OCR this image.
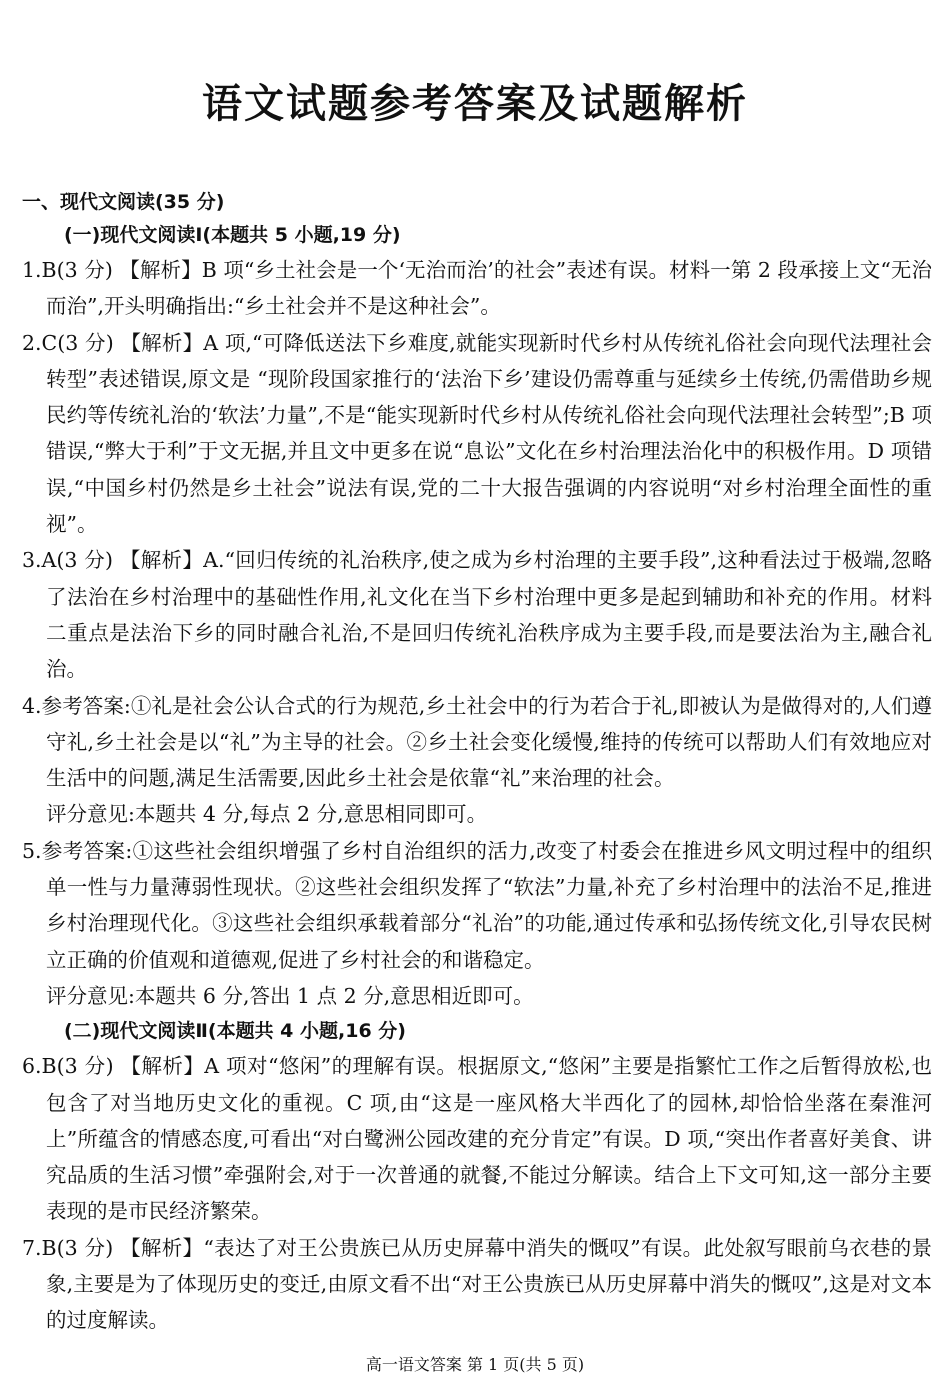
语文试题参考答案及试题解析
一、现代文阅读(35 分)
(一)现代文阅读Ⅰ(本题共 5 小题,19 分)
1.B(3 分) 【解析】B 项“乡土社会是一个‘无治而治’的社会”表述有误。材料一第 2 段承接上文“无治而治”,开头明确指出:“乡土社会并不是这种社会”。
2.C(3 分) 【解析】A 项,“可降低送法下乡难度,就能实现新时代乡村从传统礼俗社会向现代法理社会转型”表述错误,原文是 “现阶段国家推行的‘法治下乡’建设仍需尊重与延续乡土传统,仍需借助乡规民约等传统礼治的‘软法’力量”,不是“能实现新时代乡村从传统礼俗社会向现代法理社会转型”;B 项错误,“弊大于利”于文无据,并且文中更多在说“息讼”文化在乡村治理法治化中的积极作用。D 项错误,“中国乡村仍然是乡土社会”说法有误,党的二十大报告强调的内容说明“对乡村治理全面性的重视”。
3.A(3 分) 【解析】A.“回归传统的礼治秩序,使之成为乡村治理的主要手段”,这种看法过于极端,忽略了法治在乡村治理中的基础性作用,礼文化在当下乡村治理中更多是起到辅助和补充的作用。材料二重点是法治下乡的同时融合礼治,不是回归传统礼治秩序成为主要手段,而是要法治为主,融合礼治。
4.参考答案:①礼是社会公认合式的行为规范,乡土社会中的行为若合于礼,即被认为是做得对的,人们遵守礼,乡土社会是以“礼”为主导的社会。②乡土社会变化缓慢,维持的传统可以帮助人们有效地应对生活中的问题,满足生活需要,因此乡土社会是依靠“礼”来治理的社会。
评分意见:本题共 4 分,每点 2 分,意思相同即可。
5.参考答案:①这些社会组织增强了乡村自治组织的活力,改变了村委会在推进乡风文明过程中的组织单一性与力量薄弱性现状。②这些社会组织发挥了“软法”力量,补充了乡村治理中的法治不足,推进乡村治理现代化。③这些社会组织承载着部分“礼治”的功能,通过传承和弘扬传统文化,引导农民树立正确的价值观和道德观,促进了乡村社会的和谐稳定。
评分意见:本题共 6 分,答出 1 点 2 分,意思相近即可。
(二)现代文阅读Ⅱ(本题共 4 小题,16 分)
6.B(3 分) 【解析】A 项对“悠闲”的理解有误。根据原文,“悠闲”主要是指繁忙工作之后暂得放松,也包含了对当地历史文化的重视。C 项,由“这是一座风格大半西化了的园林,却恰恰坐落在秦淮河上”所蕴含的情感态度,可看出“对白鹭洲公园改建的充分肯定”有误。D 项,“突出作者喜好美食、讲究品质的生活习惯”牵强附会,对于一次普通的就餐,不能过分解读。结合上下文可知,这一部分主要表现的是市民经济繁荣。
7.B(3 分) 【解析】“表达了对王公贵族已从历史屏幕中消失的慨叹”有误。此处叙写眼前乌衣巷的景象,主要是为了体现历史的变迁,由原文看不出“对王公贵族已从历史屏幕中消失的慨叹”,这是对文本的过度解读。
高一语文答案 第 1 页(共 5 页)
